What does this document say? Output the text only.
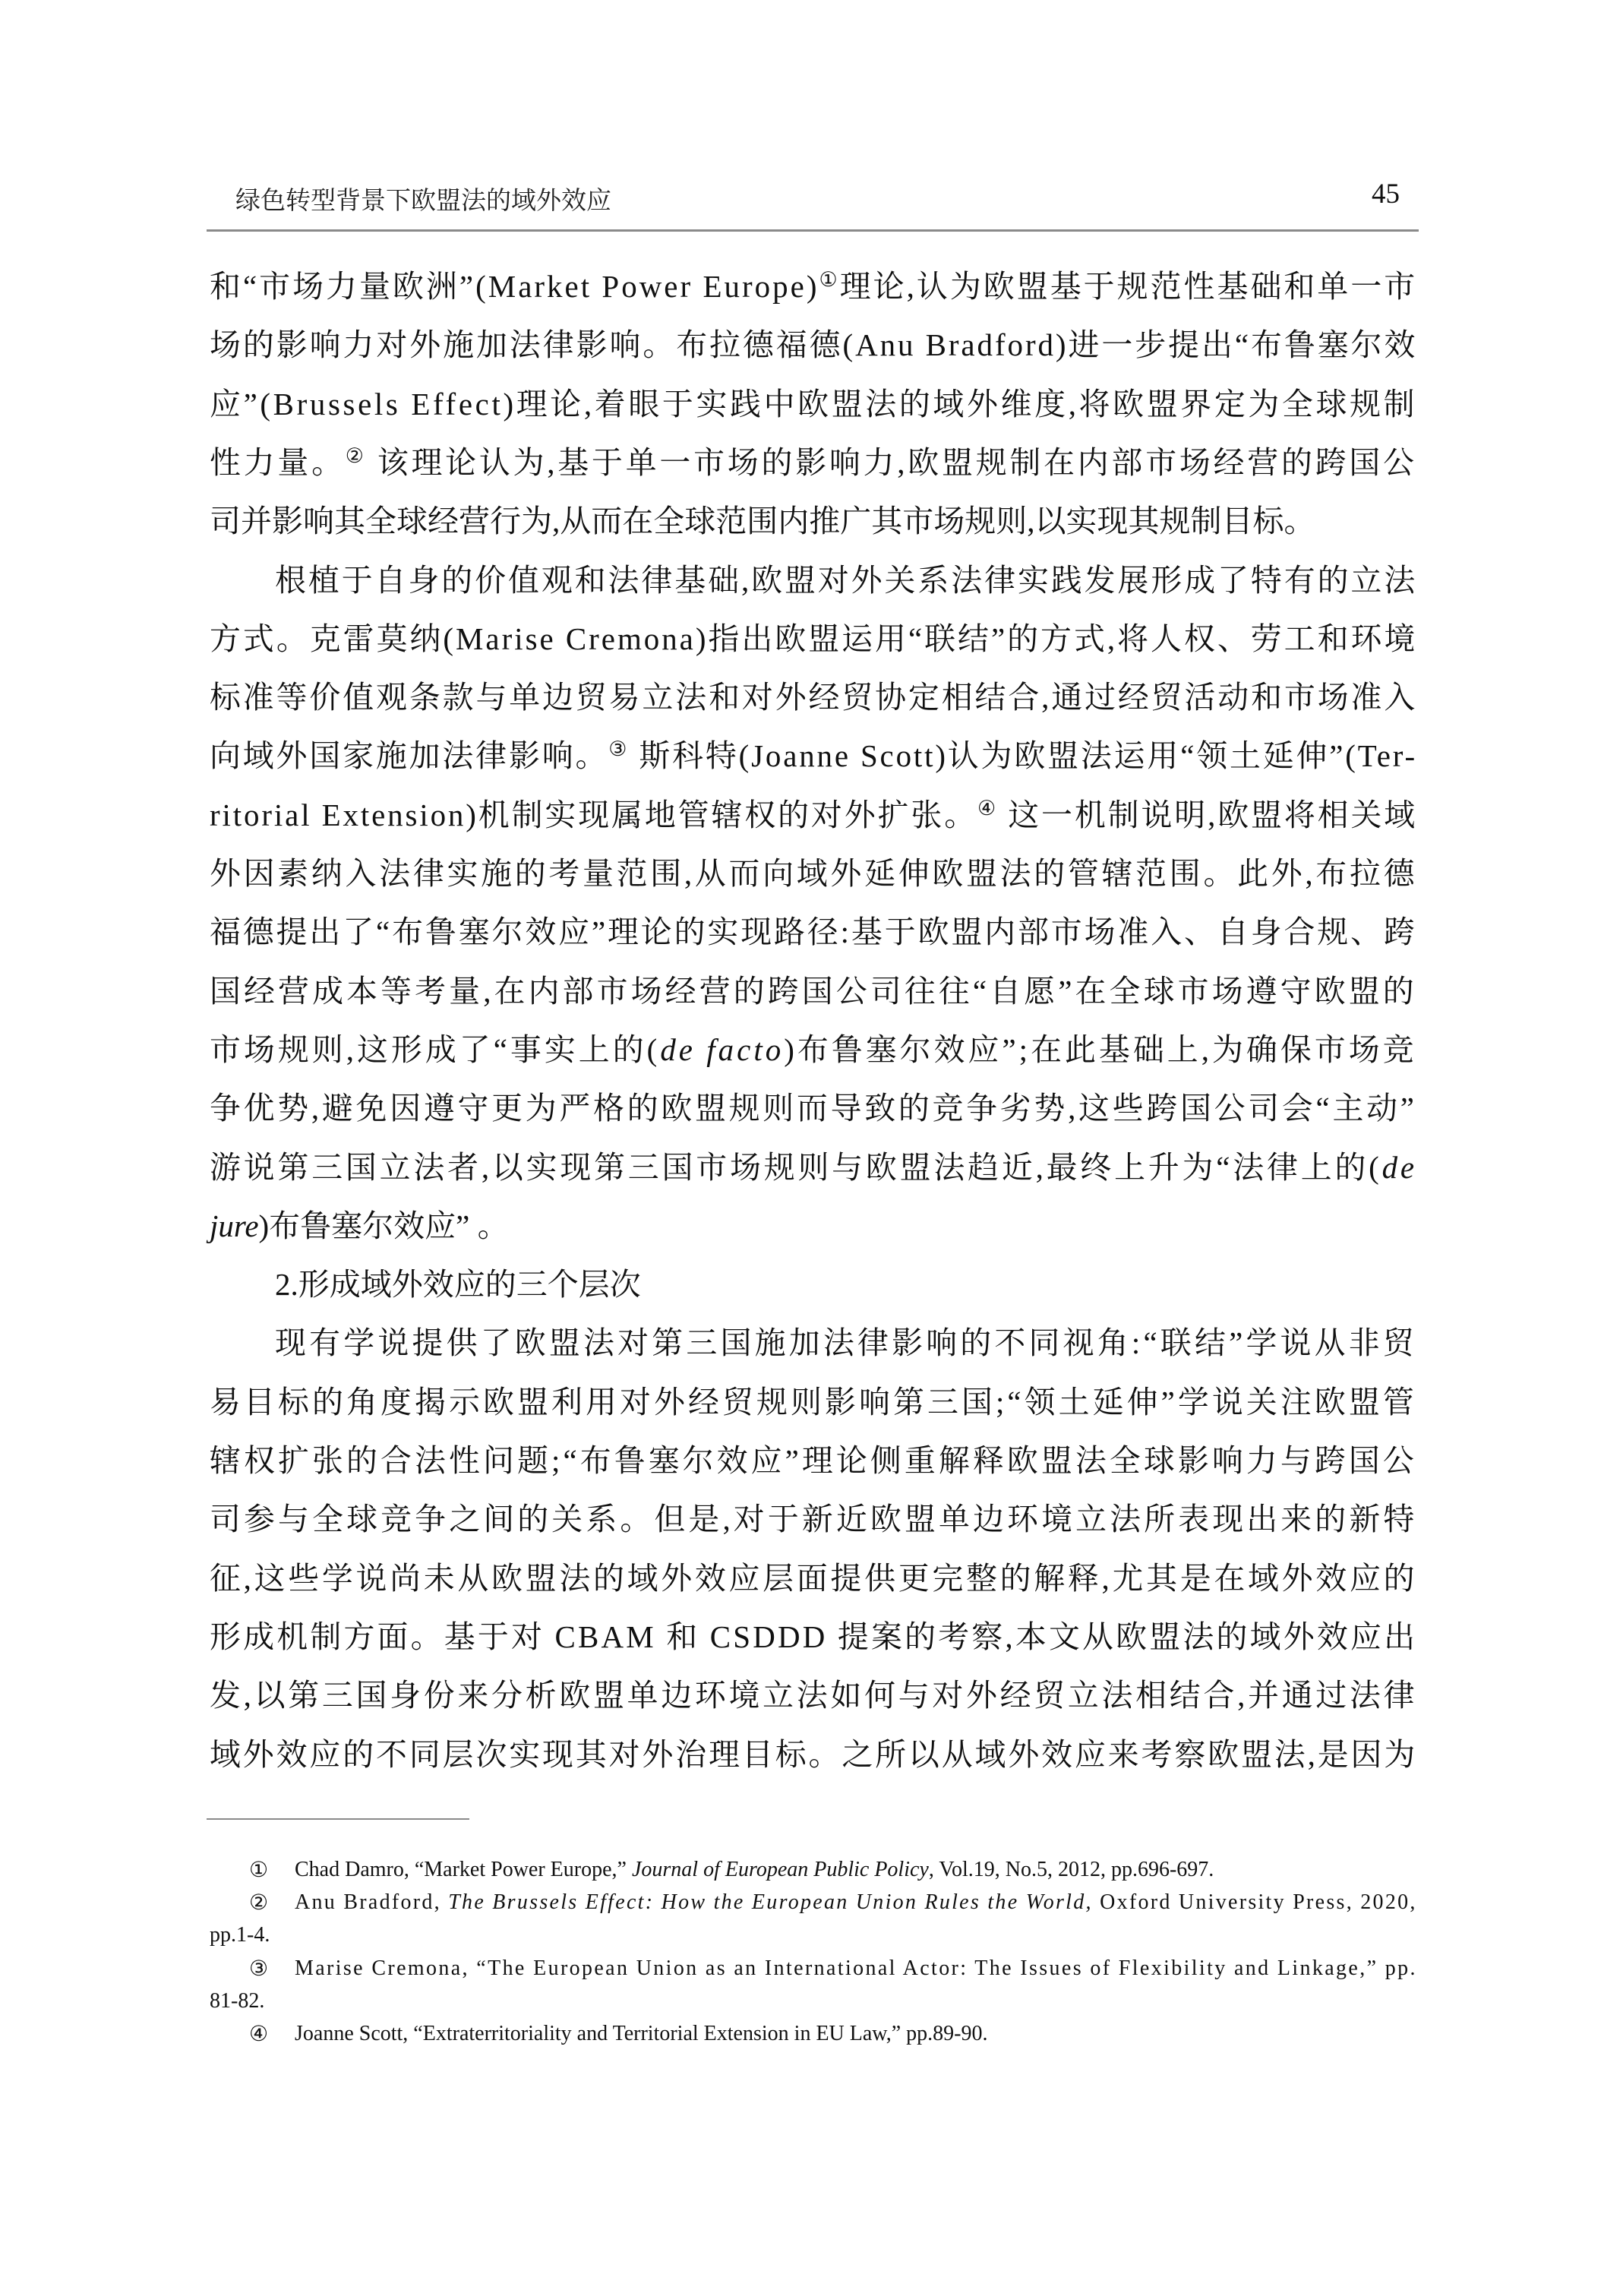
绿色转型背景下欧盟法的域外效应	45
和“市场力量欧洲”(Market Power Europe)①理论,认为欧盟基于规范性基础和单一市
场的影响力对外施加法律影响。布拉德福德(Anu Bradford)进一步提出“布鲁塞尔效
应”(Brussels Effect)理论,着眼于实践中欧盟法的域外维度,将欧盟界定为全球规制
性力量。② 该理论认为,基于单一市场的影响力,欧盟规制在内部市场经营的跨国公
司并影响其全球经营行为,从而在全球范围内推广其市场规则,以实现其规制目标。
根植于自身的价值观和法律基础,欧盟对外关系法律实践发展形成了特有的立法
方式。克雷莫纳(Marise Cremona)指出欧盟运用“联结”的方式,将人权、劳工和环境
标准等价值观条款与单边贸易立法和对外经贸协定相结合,通过经贸活动和市场准入
向域外国家施加法律影响。③ 斯科特(Joanne Scott)认为欧盟法运用“领土延伸”(Ter-
ritorial Extension)机制实现属地管辖权的对外扩张。④ 这一机制说明,欧盟将相关域
外因素纳入法律实施的考量范围,从而向域外延伸欧盟法的管辖范围。此外,布拉德
福德提出了“布鲁塞尔效应”理论的实现路径:基于欧盟内部市场准入、自身合规、跨
国经营成本等考量,在内部市场经营的跨国公司往往“自愿”在全球市场遵守欧盟的
市场规则,这形成了“事实上的(de facto)布鲁塞尔效应”;在此基础上,为确保市场竞
争优势,避免因遵守更为严格的欧盟规则而导致的竞争劣势,这些跨国公司会“主动”
游说第三国立法者,以实现第三国市场规则与欧盟法趋近,最终上升为“法律上的(de
jure)布鲁塞尔效应” 。
2.形成域外效应的三个层次
现有学说提供了欧盟法对第三国施加法律影响的不同视角:“联结”学说从非贸
易目标的角度揭示欧盟利用对外经贸规则影响第三国;“领土延伸”学说关注欧盟管
辖权扩张的合法性问题;“布鲁塞尔效应”理论侧重解释欧盟法全球影响力与跨国公
司参与全球竞争之间的关系。但是,对于新近欧盟单边环境立法所表现出来的新特
征,这些学说尚未从欧盟法的域外效应层面提供更完整的解释,尤其是在域外效应的
形成机制方面。基于对 CBAM 和 CSDDD 提案的考察,本文从欧盟法的域外效应出
发,以第三国身份来分析欧盟单边环境立法如何与对外经贸立法相结合,并通过法律
域外效应的不同层次实现其对外治理目标。之所以从域外效应来考察欧盟法,是因为
① Chad Damro, “Market Power Europe,” Journal of European Public Policy, Vol.19, No.5, 2012, pp.696-697.
② Anu Bradford, The Brussels Effect: How the European Union Rules the World, Oxford University Press, 2020,
pp.1-4.
③ Marise Cremona, “The European Union as an International Actor: The Issues of Flexibility and Linkage,” pp.
81-82.
④ Joanne Scott, “Extraterritoriality and Territorial Extension in EU Law,” pp.89-90.
